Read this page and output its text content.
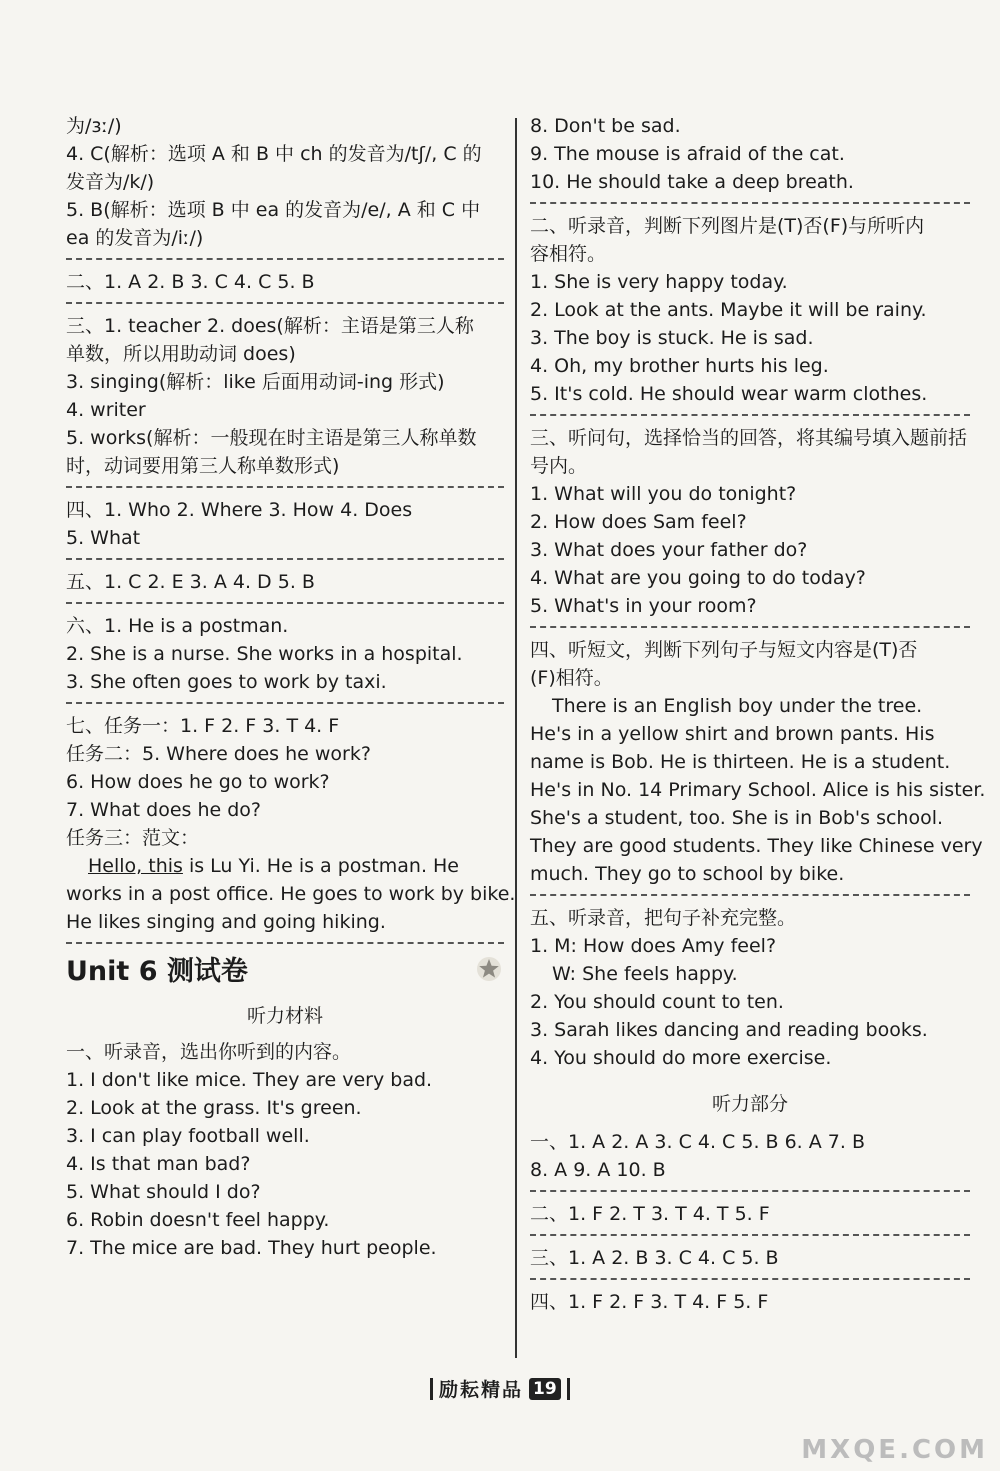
为/ɜː/)
4. C(解析：选项 A 和 B 中 ch 的发音为/tʃ/, C 的
发音为/k/)
5. B(解析：选项 B 中 ea 的发音为/e/, A 和 C 中
ea 的发音为/iː/)
二、1. A 2. B 3. C 4. C 5. B
三、1. teacher 2. does(解析：主语是第三人称
单数，所以用助动词 does)
3. singing(解析：like 后面用动词-ing 形式)
4. writer
5. works(解析：一般现在时主语是第三人称单数
时，动词要用第三人称单数形式)
四、1. Who 2. Where 3. How 4. Does
5. What
五、1. C 2. E 3. A 4. D 5. B
六、1. He is a postman.
2. She is a nurse. She works in a hospital.
3. She often goes to work by taxi.
七、任务一：1. F 2. F 3. T 4. F
任务二：5. Where does he work?
6. How does he go to work?
7. What does he do?
任务三：范文：
Hello, this is Lu Yi. He is a postman. He
works in a post office. He goes to work by bike.
He likes singing and going hiking.
Unit 6 测试卷
听力材料
一、听录音，选出你听到的内容。
1. I don't like mice. They are very bad.
2. Look at the grass. It's green.
3. I can play football well.
4. Is that man bad?
5. What should I do?
6. Robin doesn't feel happy.
7. The mice are bad. They hurt people.
8. Don't be sad.
9. The mouse is afraid of the cat.
10. He should take a deep breath.
二、听录音，判断下列图片是(T)否(F)与所听内
容相符。
1. She is very happy today.
2. Look at the ants. Maybe it will be rainy.
3. The boy is stuck. He is sad.
4. Oh, my brother hurts his leg.
5. It's cold. He should wear warm clothes.
三、听问句，选择恰当的回答，将其编号填入题前括
号内。
1. What will you do tonight?
2. How does Sam feel?
3. What does your father do?
4. What are you going to do today?
5. What's in your room?
四、听短文，判断下列句子与短文内容是(T)否
(F)相符。
There is an English boy under the tree.
He's in a yellow shirt and brown pants. His
name is Bob. He is thirteen. He is a student.
He's in No. 14 Primary School. Alice is his sister.
She's a student, too. She is in Bob's school.
They are good students. They like Chinese very
much. They go to school by bike.
五、听录音，把句子补充完整。
1. M: How does Amy feel?
W: She feels happy.
2. You should count to ten.
3. Sarah likes dancing and reading books.
4. You should do more exercise.
听力部分
一、1. A 2. A 3. C 4. C 5. B 6. A 7. B
8. A 9. A 10. B
二、1. F 2. T 3. T 4. T 5. F
三、1. A 2. B 3. C 4. C 5. B
四、1. F 2. F 3. T 4. F 5. F
励耘精品 19
MXQE.COM
